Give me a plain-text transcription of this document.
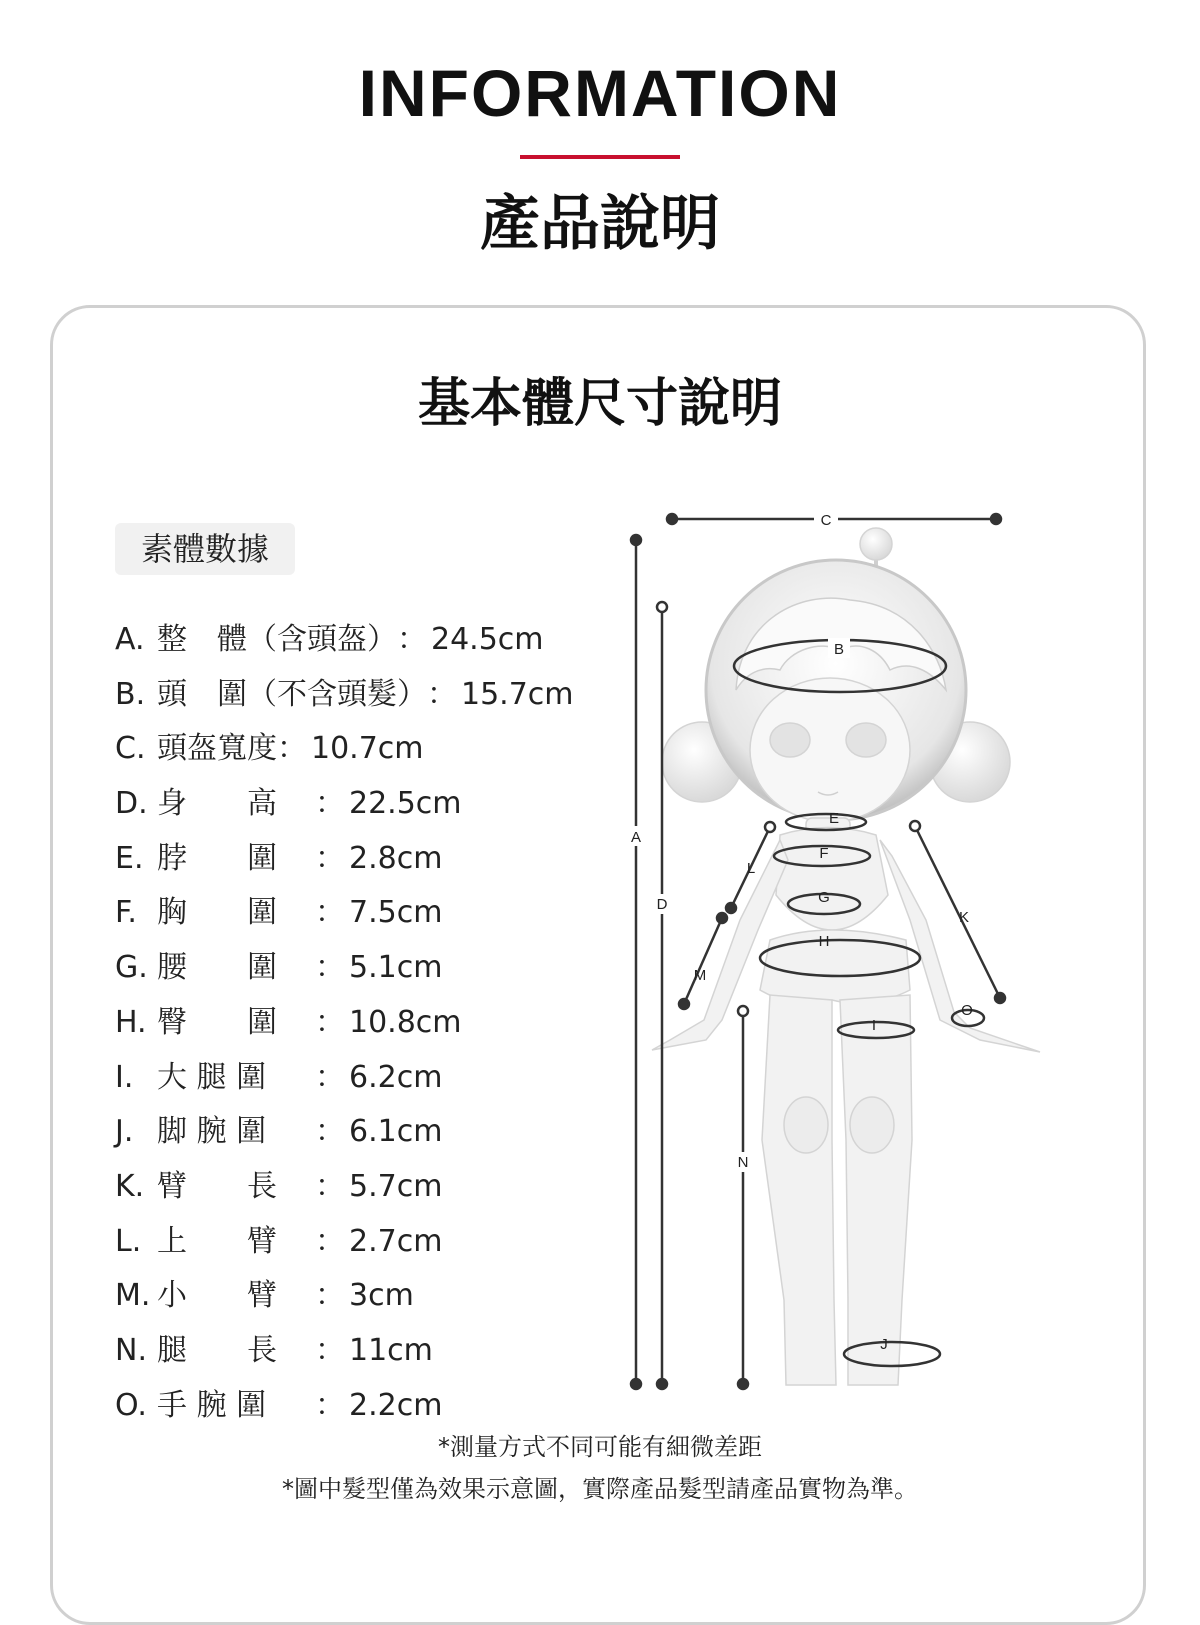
INFORMATION
產品說明
基本體尺寸說明
素體數據
A. 整　體（含頭盔） ： 24.5cm
B. 頭　圍（不含頭髮） ： 15.7cm
C. 頭盔寬度 ： 10.7cm
D. 身　　高	： 22.5cm
E. 脖　　圍	： 2.8cm
F. 胸　　圍	： 7.5cm
G. 腰　　圍	： 5.1cm
H. 臀　　圍	： 10.8cm
I. 大 腿 圍	： 6.2cm
J. 脚 腕 圍	： 6.1cm
K. 臂　　長	： 5.7cm
L. 上　　臂	： 2.7cm
M. 小　　臂	： 3cm
N. 腿　　長	： 11cm
O. 手 腕 圍	： 2.2cm
C
A
D
N
B
E
F
G
H
I
J
K
L
M
O
*測量方式不同可能有細微差距
*圖中髮型僅為效果示意圖，實際產品髮型請產品實物為準。
